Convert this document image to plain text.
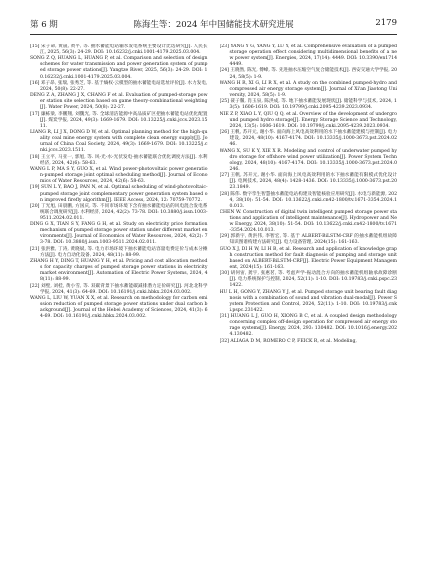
第 6 期	陈海生等：2024 年中国储能技术研究进展	2179

[15] 宋子命, 黄晟, 黄平, 等. 抽水蓄能电站输水发电系统主要设计比选研究[J]. 人民长江, 2025, 56(3): 24-29. DOI: 10.16232/j.cnki.1001-4179.2025.03.004.

SONG Z Q, HUANG L, HUANG P, et al. Comparison and selection of design schemes for water transmission and power generation system of pumped storage power stations[J]. Yangtze River, 2025, 56(3): 24-29. DOI: 10.16232/j.cnki.1001-4179.2025.03.004.

[16] 邓子昂, 张瑞, 张秀芝, 等. 基于熵权-云模型的抽水蓄能电站选址评价[J]. 水力发电, 2024, 50(8): 22-27.

DENG Z A, ZHANG J X, CHANG F et al. Evaluation of pumped-storage power station site selection based on game theory-combinational weighting[J]. Water Power, 2024, 50(8): 22-27.

[17] 廉栋梁, 李鹏翔, 刘魏光, 等. 全球清洁能源中高品质矿区把抽水蓄能电站优化配置[J]. 煤炭学报, 2024, 49(3): 1669-1679. DOI: 10.13225/j.cnki.jccs.2023.1511.

LIANG R, LI J X, DONG D W, et al. Optimal planning method for the high-quality coal mine energy system with complete clean energy supply[J]. Journal of China Coal Society, 2024, 49(3): 1669-1679. DOI: 10.13225/j.cnki.jccs.2023.1511.

[18] 王立平, 马亚一, 郭旭, 等. 风-光-水-光伏发电-抽水蓄能联合优化调度方法[J]. 水利经济, 2024, 42(6): 58-63.

WANG L P, MA S Y, GUO X, et al. Wind power-photovoltaic power generation-pumped storage joint optimal scheduling method[J]. Journal of Economics of Water Resources, 2024, 42(6): 58-63.

[19] SUN L Y, BAO J, PAN N, et al. Optimal scheduling of wind-photovoltaic-pumped storage joint complementary power generation system based on improved firefly algorithm[J]. IEEE Access, 2024, 12: 70759-70772.

[20] 丁光旭, 田晨鹏, 方国庆, 等. 不同市场环境下含有抽水蓄能电站的风电混合发电系统联合调度研究[J]. 水利经济, 2024, 42(2): 73-78. DOI: 10.3880/j.issn.1003-9511.2024.02.011.

DING G X, TIAN S Y, FANG G H, et al. Study on electricity price formation mechanism of pumped storage power station under different market environments[J]. Journal of Economics of Water Resources, 2024, 42(2): 73-78. DOI: 10.3880/j.issn.1003-9511.2024.02.011.

[21] 张洪雅, 丁涛, 黄晓斌, 等. 电力市场环境下抽水蓄能电站容量电费定价与成本分摊方法[J]. 电力自动化设备, 2024, 48(11): 88-99.

ZHANG H Y, DING T, HUANG Y H, et al. Pricing and cost allocation methods for capacity charges of pumped storage power stations in electricity market environment[J]. Automation of Electric Power Systems, 2024, 48(11): 88-99.

[22] 刘壁, 刘桂, 黄小雪, 等. 双碳背景下抽水蓄能碳减排潜力定价研究[J]. 河北北科学学报, 2024, 41(3): 64-69. DOI: 10.16191/j.cnki.hbkx.2024.03.002.

WANG L, LIU W, YUAN X X, et al. Research on methodology for carbon emission reduction of pumped storage power stations under dual carbon background[J]. Journal of the Hebei Academy of Sciences, 2024, 41(3): 64-69. DOI: 10.16191/j.cnki.hbkx.2024.03.002.

[23] YANG Y G, YANG Y, LU Y, et al. Comprehensive evaluation of a pumped storage operation effect considering multidimensional benefits of a new power system[J]. Energies, 2024, 17(14): 4449. DOI: 10.3390/en17144449.

[24] 王晓然, 陈光, 傅峰, 等. 先进抽水压缩空气复合储能技术[J]. 西安交通大学学报, 2024, 58(5): 1-9.

WANG H R, XI G, LI R X, et al. A study on the combined pumped-hydro and compressed air energy storage system[J]. Journal of Xi'an Jiaotong University, 2024, 58(5): 1-9.

[25] 聂子馨, 肖玉泉, 陈洪成, 等. 地下抽水蓄能发展现状[J]. 储能科学与技术, 2024, 13(5): 1606-1619. DOI: 10.19799/j.cnki.2095-4239.2023.0934.

NIE Z P, XIAO L Y, QIU Q Q, et al. Overview of the development of underground pumped hydro storage[J]. Energy Storage Science and Technology, 2024, 13(5): 1606-1619. DOI: 10.19799/j.cnki.2095-4239.2023.0934.

[26] 王帆, 苏开元, 谢小华. 面向海上风电高效利用的水下抽水蓄能建模与控制[J]. 电力建设, 2024, 48(10): 4167-4174. DOI: 10.13335/j.1000-3673.pst.2024.0246.

WANG X, SU K Y, XIE X R. Modeling and control of underwater pumped hydro storage for offshore wind power utilization[J]. Power System Technology, 2024, 48(10): 4167-4174. DOI: 10.13335/j.1000-3673.pst.2024.0246.

[27] 王帆, 苏开元, 谢小华. 面向海上风电高效利用的水下抽水蓄能有限模式优化设计[J]. 电网技术, 2024, 48(4): 1428-1436. DOI: 10.13335/j.1000-3673.pst.2023.1849.

[28] 陈伟. 数字孪生智慧抽水蓄能电站构建及智能核验应用研究[J]. 水电与新能源, 2024, 38(10): 51-54. DOI: 10.13622/j.cnki.cn42-1800/tv.1671-3354.2024.10.013.

CHEN W. Construction of digital twin intelligent pumped storage power stations and application of intelligent maintenance[J]. Hydropower and New Energy, 2024, 38(10): 51-54. DOI: 10.13622/j.cnki.cn42-1800/tv.1671-3354.2024.10.013.

[29] 郭新宇, 黄洪伟, 李智宏, 等. 基于 ALBERT-BiLSTM-CRF 的抽水蓄能机组故障知识图谱构建方法研究[J]. 电力设备管理, 2024(15): 161-163.

GUO X J, DI H W, LI H B, et al. Research and application of knowledge graph construction method for fault diagnosis of pumping and storage unit based on ALBERT-BiLSTM-CRF[J]. Electric Power Equipment Management, 2024(15): 161-163.

[30] 胡何宙, 龚宇, 张惠茗, 等. 考虑声学-振动混合方向的抽水蓄能机组轴承故障诊断[J]. 电力系统保护与控制, 2024, 52(11): 1-10. DOI: 10.19783/j.cnki.pspc.231422.

HU L H, GONG Y, ZHANG Y J, et al. Pumped storage unit bearing fault diagnosis with a combination of sound and vibration dual-modal[J]. Power System Protection and Control, 2024, 52(11): 1-10. DOI: 10.19783/j.cnki.pspc.231422.

[31] HUANG L J, GUO H, XIONG B C, et al. A coupled design methodology concerning complex off-design operation for compressed air energy storage systems[J]. Energy, 2024, 293: 130482. DOI: 10.1016/j.energy.2024.130482.

[32] ALIAGA D M, ROMERO C P, FEICK R, et al. Modeling,
